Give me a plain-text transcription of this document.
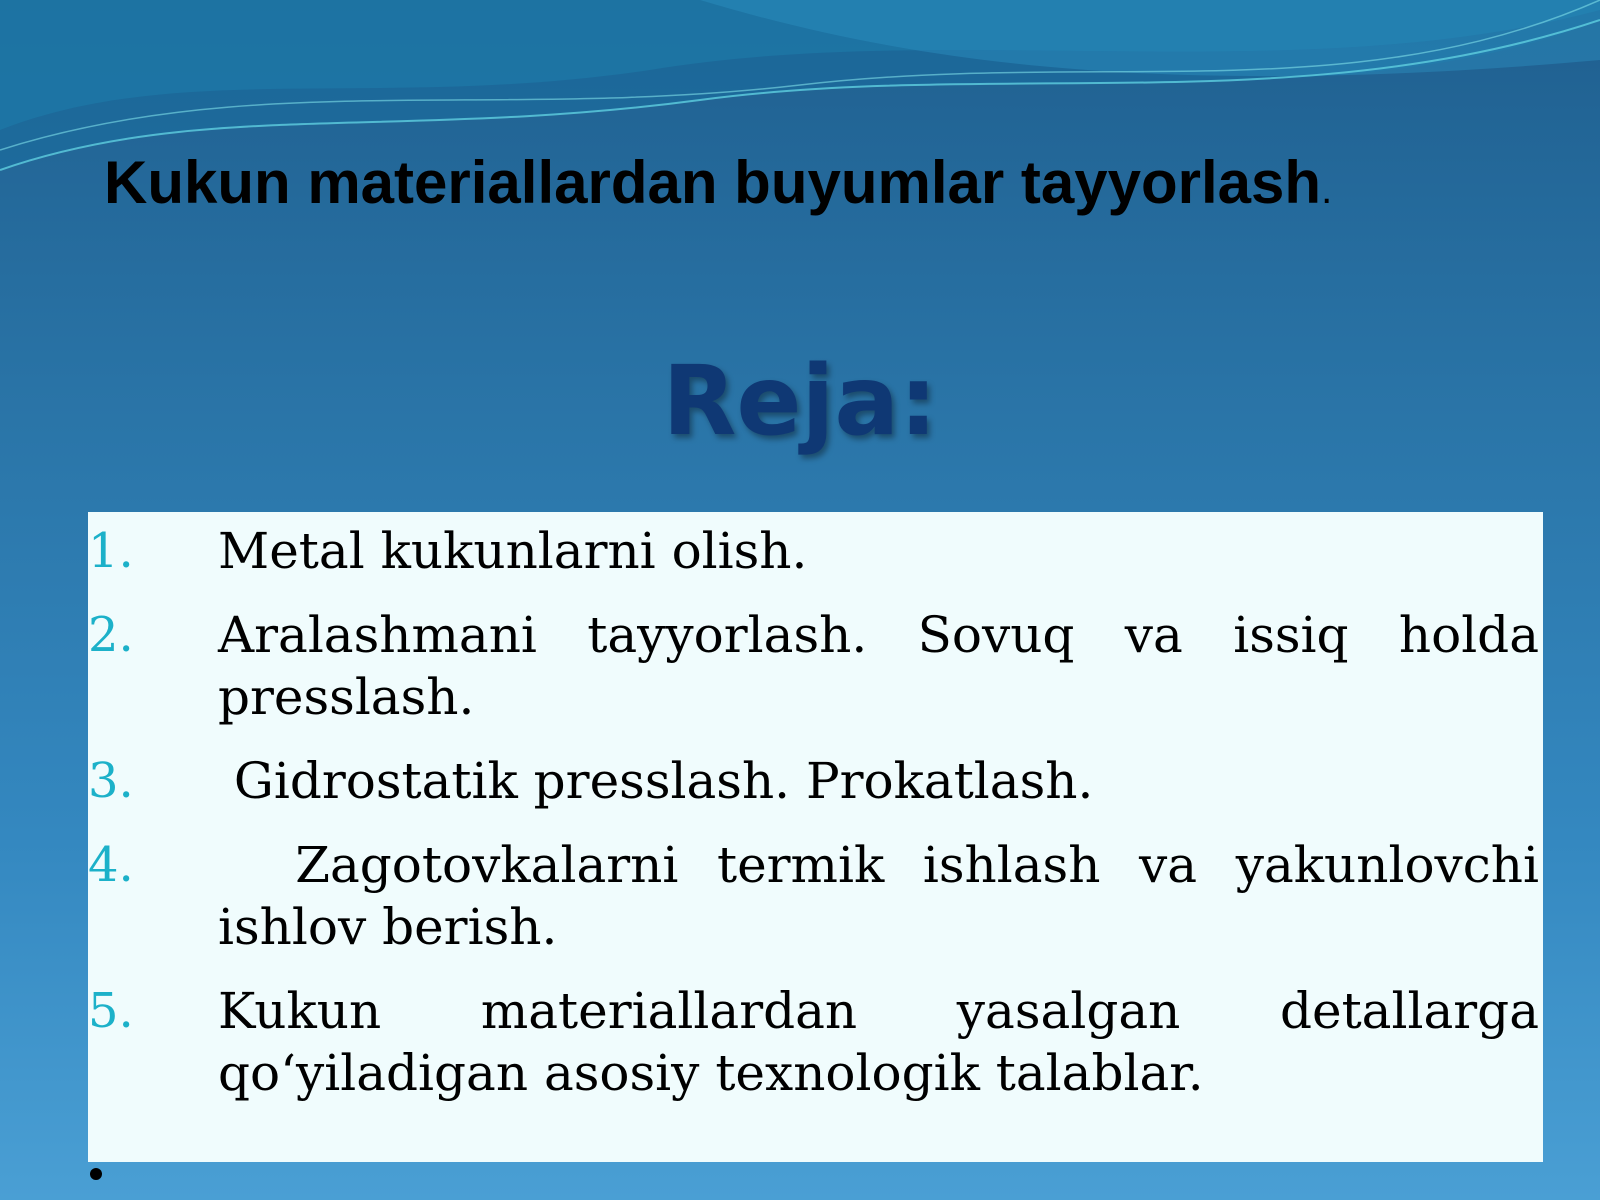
Kukun materiallardan buyumlar tayyorlash.
Reja:
1.	Metal kukunlarni olish.
2.	Aralashmani tayyorlash. Sovuq va issiq holda presslash.
3.	Gidrostatik presslash. Prokatlash.
4.	Zagotovkalarni termik ishlash va yakunlovchi ishlov berish.
5.	Kukun materiallardan yasalgan detallarga qo‘yiladigan asosiy texnologik talablar.
